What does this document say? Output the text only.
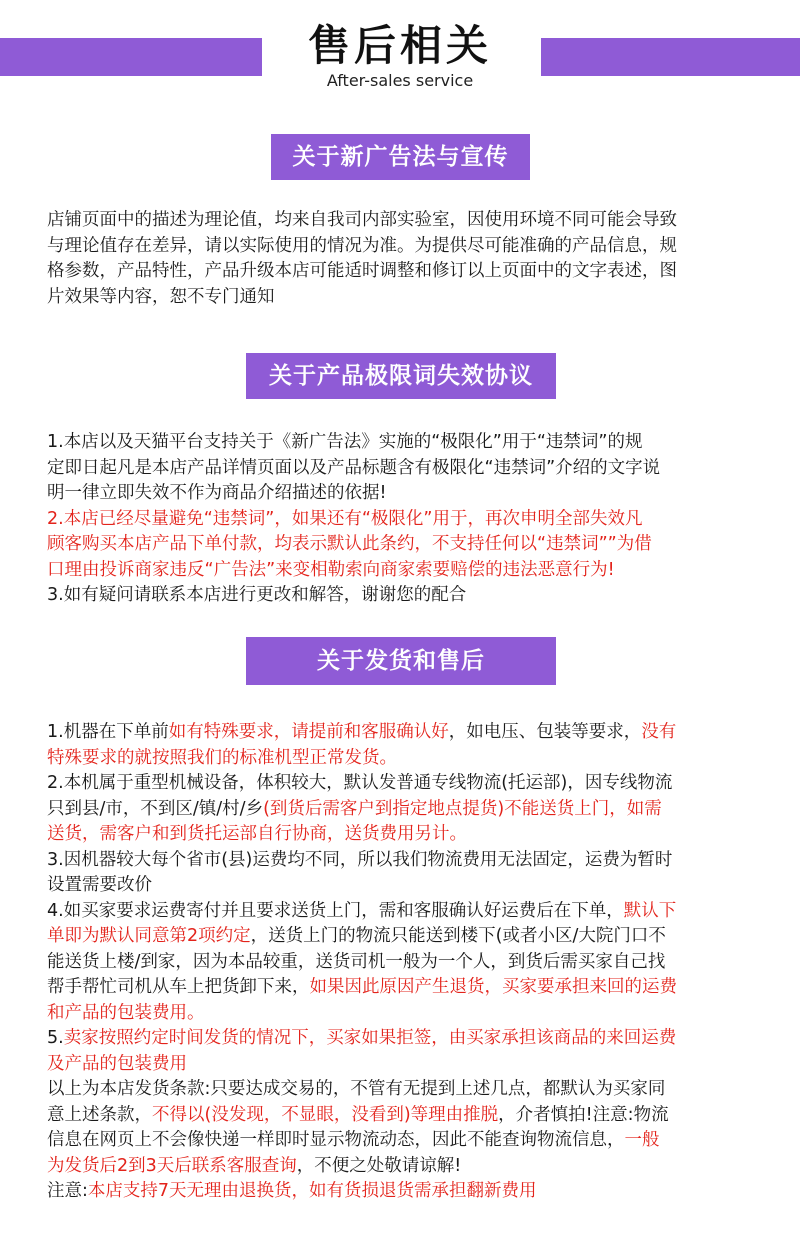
售后相关
After-sales service
关于新广告法与宣传
店铺页面中的描述为理论值，均来自我司内部实验室，因使用环境不同可能会导致
与理论值存在差异，请以实际使用的情况为准。为提供尽可能准确的产品信息，规
格参数，产品特性，产品升级本店可能适时调整和修订以上页面中的文字表述，图
片效果等内容，恕不专门通知
关于产品极限词失效协议
1.本店以及天猫平台支持关于《新广告法》实施的“极限化”用于“违禁词”的规
定即日起凡是本店产品详情页面以及产品标题含有极限化“违禁词”介绍的文字说
明一律立即失效不作为商品介绍描述的依据!
2.本店已经尽量避免“违禁词”，如果还有“极限化”用于，再次申明全部失效凡
顾客购买本店产品下单付款，均表示默认此条约，不支持任何以“违禁词””为借
口理由投诉商家违反“广告法”来变相勒索向商家索要赔偿的违法恶意行为!
3.如有疑问请联系本店进行更改和解答，谢谢您的配合
关于发货和售后
1.机器在下单前如有特殊要求，请提前和客服确认好，如电压、包装等要求，没有
特殊要求的就按照我们的标准机型正常发货。
2.本机属于重型机械设备，体积较大，默认发普通专线物流(托运部)，因专线物流
只到县/市，不到区/镇/村/乡(到货后需客户到指定地点提货)不能送货上门，如需
送货，需客户和到货托运部自行协商，送货费用另计。
3.因机器较大每个省市(县)运费均不同，所以我们物流费用无法固定，运费为暂时
设置需要改价
4.如买家要求运费寄付并且要求送货上门，需和客服确认好运费后在下单，默认下
单即为默认同意第2项约定，送货上门的物流只能送到楼下(或者小区/大院门口不
能送货上楼/到家，因为本品较重，送货司机一般为一个人，到货后需买家自己找
帮手帮忙司机从车上把货卸下来，如果因此原因产生退货，买家要承担来回的运费
和产品的包装费用。
5.卖家按照约定时间发货的情况下，买家如果拒签，由买家承担该商品的来回运费
及产品的包装费用
以上为本店发货条款:只要达成交易的，不管有无提到上述几点，都默认为买家同
意上述条款，不得以(没发现，不显眼，没看到)等理由推脱，介者慎拍!注意:物流
信息在网页上不会像快递一样即时显示物流动态，因此不能查询物流信息，一般
为发货后2到3天后联系客服查询，不便之处敬请谅解!
注意:本店支持7天无理由退换货，如有货损退货需承担翻新费用
